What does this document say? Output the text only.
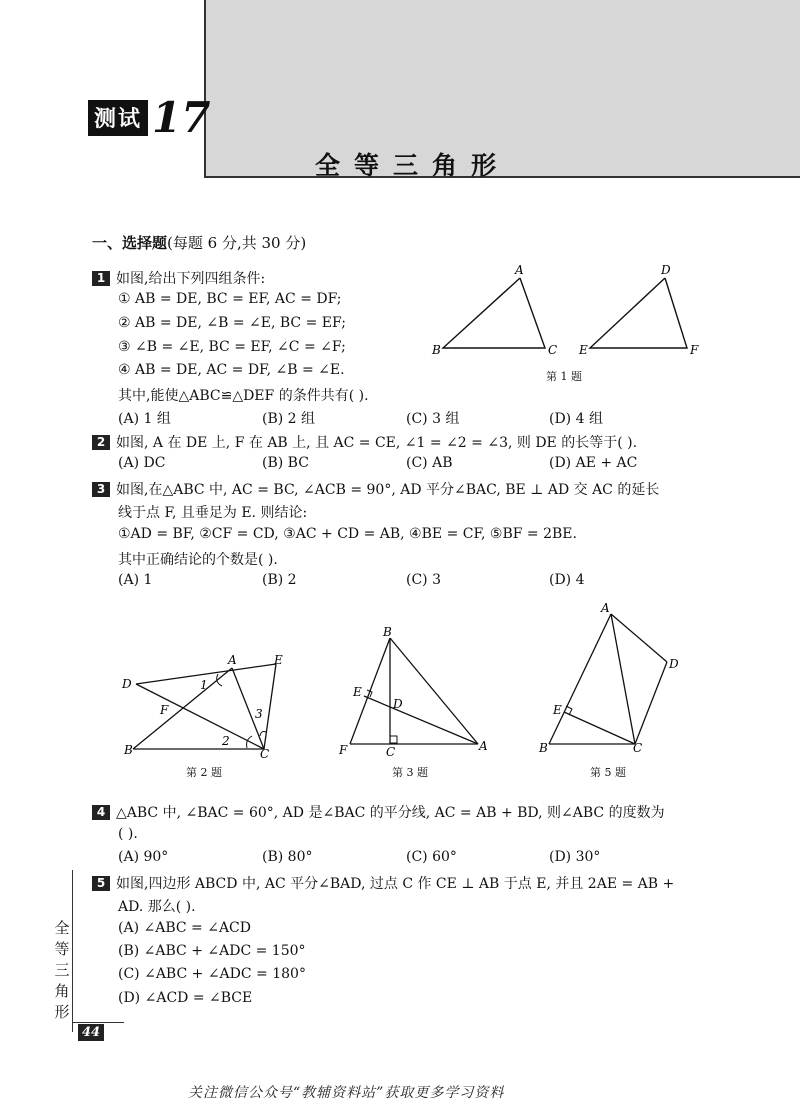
测试 17
全等三角形
一、选择题(每题 6 分,共 30 分)
1 如图,给出下列四组条件:
① AB = DE, BC = EF, AC = DF;
② AB = DE, ∠B = ∠E, BC = EF;
③ ∠B = ∠E, BC = EF, ∠C = ∠F;
④ AB = DE, AC = DF, ∠B = ∠E.
其中,能使△ABC≌△DEF 的条件共有( ).
(A) 1 组	(B) 2 组	(C) 3 组	(D) 4 组
A
B	C
D
E	F
第 1 题
2 如图, A 在 DE 上, F 在 AB 上, 且 AC = CE, ∠1 = ∠2 = ∠3, 则 DE 的长等于( ).
(A) DC	(B) BC	(C) AB	(D) AE + AC
3 如图,在△ABC 中, AC = BC, ∠ACB = 90°, AD 平分∠BAC, BE ⊥ AD 交 AC 的延长
线于点 F, 且垂足为 E. 则结论:
①AD = BF, ②CF = CD, ③AC + CD = AB, ④BE = CF, ⑤BF = 2BE.
其中正确结论的个数是( ).
(A) 1	(B) 2	(C) 3	(D) 4
D
A	E
1
F	3
2
B	C
第 2 题
B
E
D
F	C	A
第 3 题
A
D
E
B	C
第 5 题
4 △ABC 中, ∠BAC = 60°, AD 是∠BAC 的平分线, AC = AB + BD, 则∠ABC 的度数为
( ).
(A) 90°	(B) 80°	(C) 60°	(D) 30°
5 如图,四边形 ABCD 中, AC 平分∠BAD, 过点 C 作 CE ⊥ AB 于点 E, 并且 2AE = AB +
AD. 那么( ).
(A) ∠ABC = ∠ACD
(B) ∠ABC + ∠ADC = 150°
(C) ∠ABC + ∠ADC = 180°
(D) ∠ACD = ∠BCE
全等三角形
44
关注微信公众号“教辅资料站”获取更多学习资料
